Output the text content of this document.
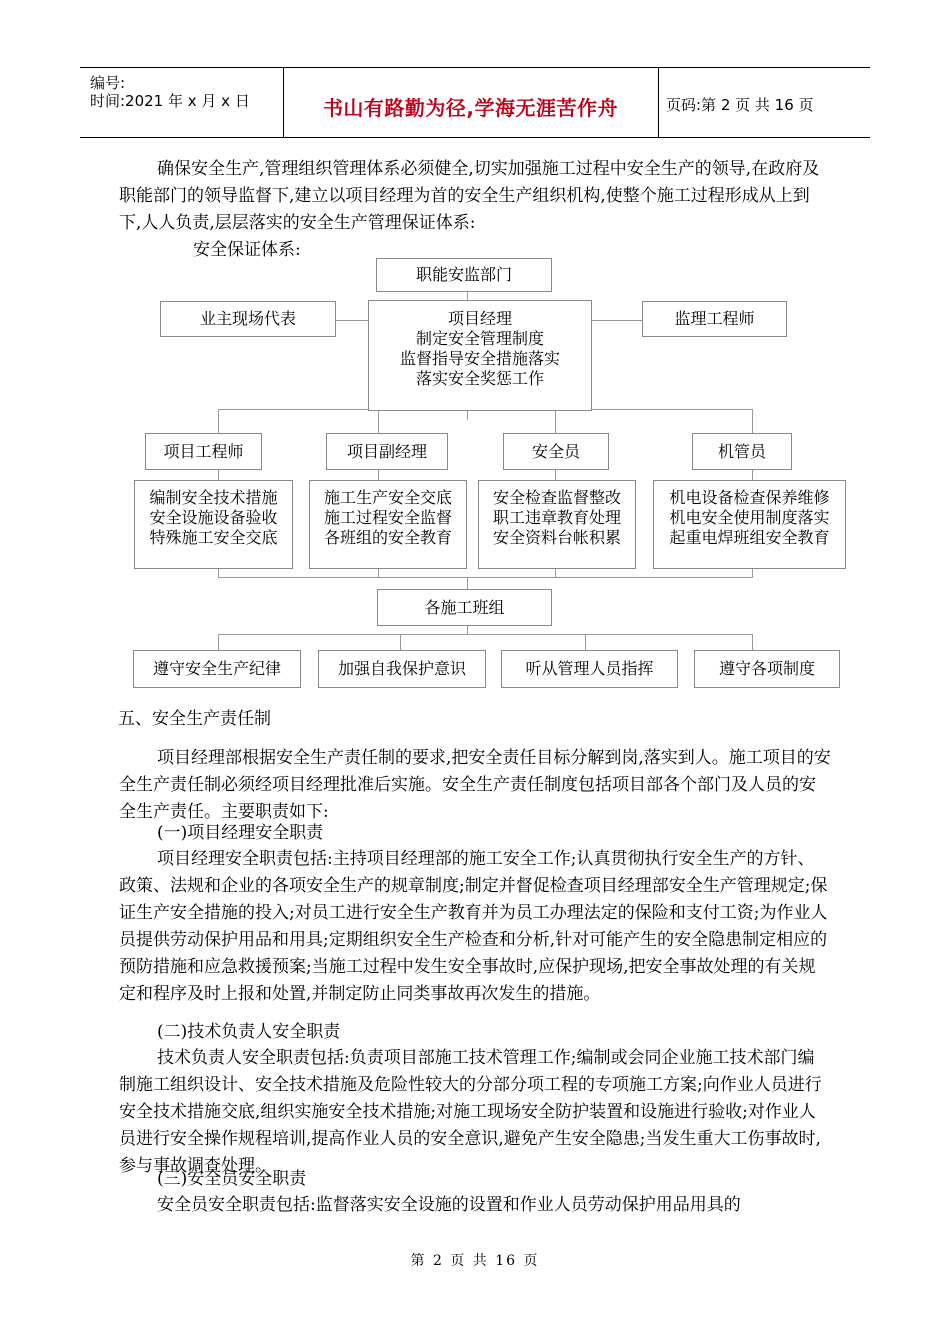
编号:
时间:2021 年 x 月 x 日	书山有路勤为径,学海无涯苦作舟	页码:第 2 页 共 16 页
确保安全生产,管理组织管理体系必须健全,切实加强施工过程中安全生产的领导,在政府及职能部门的领导监督下,建立以项目经理为首的安全生产组织机构,使整个施工过程形成从上到下,人人负责,层层落实的安全生产管理保证体系:
安全保证体系:
职能安监部门
业主现场代表	监理工程师
项目经理
制定安全管理制度
监督指导安全措施落实
落实安全奖惩工作
项目工程师	项目副经理	安全员	机管员
编制安全技术措施
安全设施设备验收
特殊施工安全交底
施工生产安全交底
施工过程安全监督
各班组的安全教育
安全检查监督整改
职工违章教育处理
安全资料台帐积累
机电设备检查保养维修
机电安全使用制度落实
起重电焊班组安全教育
各施工班组
遵守安全生产纪律	加强自我保护意识	听从管理人员指挥	遵守各项制度
五、安全生产责任制
项目经理部根据安全生产责任制的要求,把安全责任目标分解到岗,落实到人。施工项目的安全生产责任制必须经项目经理批准后实施。安全生产责任制度包括项目部各个部门及人员的安全生产责任。主要职责如下:
(一)项目经理安全职责
项目经理安全职责包括:主持项目经理部的施工安全工作;认真贯彻执行安全生产的方针、政策、法规和企业的各项安全生产的规章制度;制定并督促检查项目经理部安全生产管理规定;保证生产安全措施的投入;对员工进行安全生产教育并为员工办理法定的保险和支付工资;为作业人员提供劳动保护用品和用具;定期组织安全生产检查和分析,针对可能产生的安全隐患制定相应的预防措施和应急救援预案;当施工过程中发生安全事故时,应保护现场,把安全事故处理的有关规定和程序及时上报和处置,并制定防止同类事故再次发生的措施。
(二)技术负责人安全职责
技术负责人安全职责包括:负责项目部施工技术管理工作;编制或会同企业施工技术部门编制施工组织设计、安全技术措施及危险性较大的分部分项工程的专项施工方案;向作业人员进行安全技术措施交底,组织实施安全技术措施;对施工现场安全防护装置和设施进行验收;对作业人员进行安全操作规程培训,提高作业人员的安全意识,避免产生安全隐患;当发生重大工伤事故时,参与事故调查处理。
(三)安全员安全职责
安全员安全职责包括:监督落实安全设施的设置和作业人员劳动保护用品用具的
第 2 页 共 16 页
